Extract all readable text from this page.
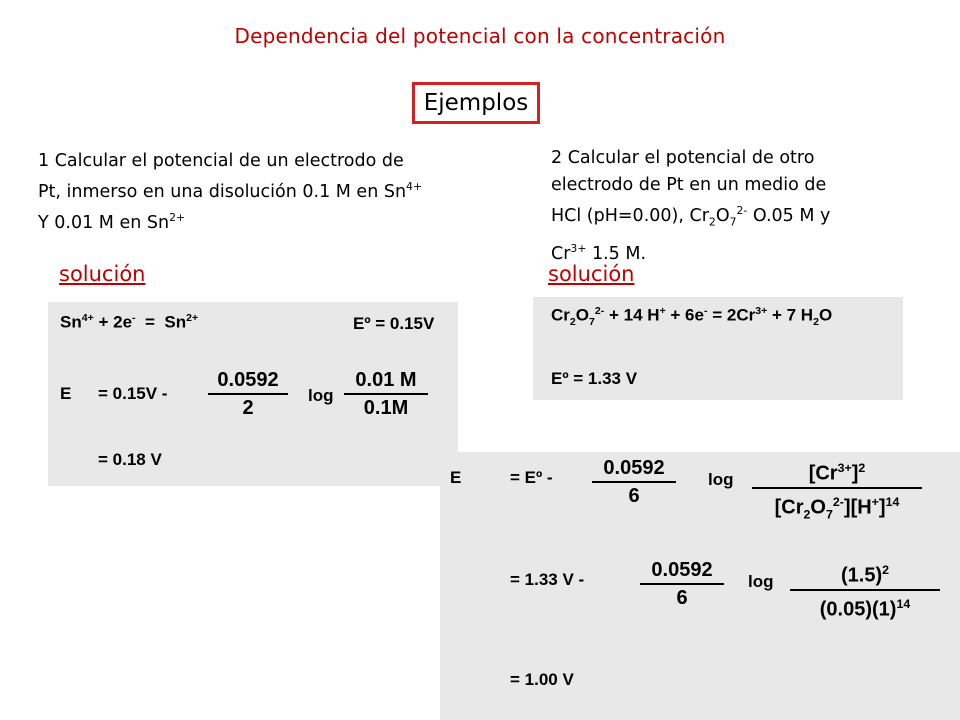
Dependencia del potencial con la concentración
Ejemplos
1 Calcular el potencial de un electrodo de
Pt, inmerso en una disolución 0.1 M en $Sn^{4+}$
Y 0.01 M en $Sn^{2+}$
2 Calcular el potencial de otro
electrodo de Pt en un medio de
HCl (pH=0.00), $Cr_2O_7^{2-}$ O.05 M y
$Cr^{3+}$ 1.5 M.
solución	solución
$Sn^{4+} + 2e^- = Sn^{2+}$	Eº = 0.15V
E = 0.15V -
0.0592
2
log
0.01 M
0.1M
= 0.18 V
$Cr_2O_7^{2-} + 14$ $H^+ + 6e^- = 2Cr^{3+} + 7$ $H_2O$
Eº = 1.33 V
E	= Eº -	0.0592
6
log	$[Cr^{3+}]^2$
$[Cr_2O_7^{2-}][H^+]^{14}$
= 1.33 V -	0.0592
6
log	$(1.5)^2$
$(0.05)(1)^{14}$
= 1.00 V
